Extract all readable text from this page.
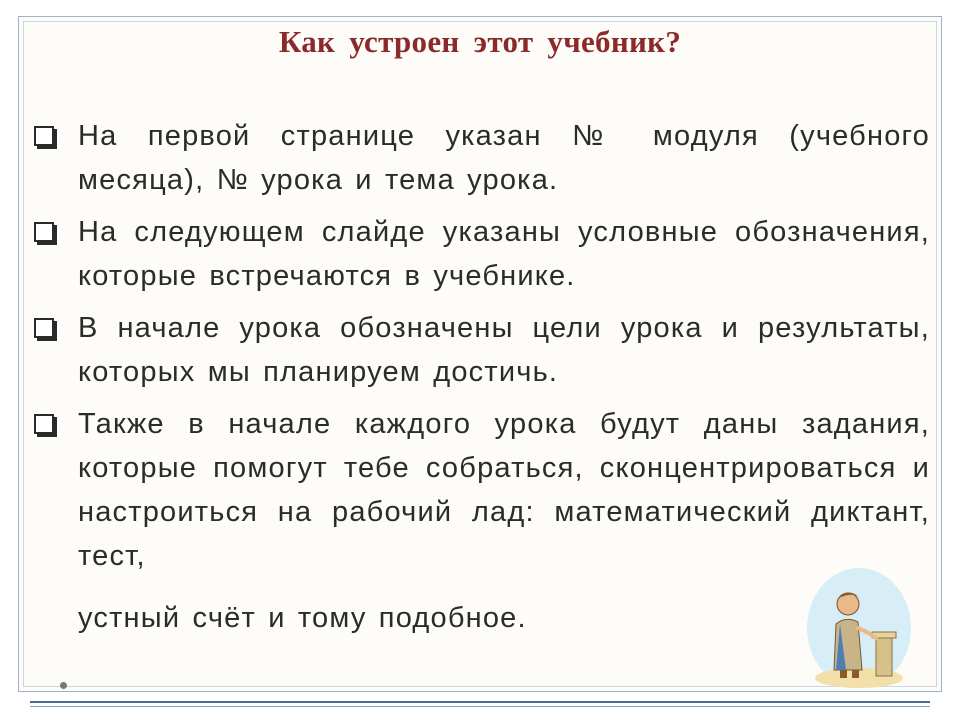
Как устроен этот учебник?
На первой странице указан № модуля (учебного месяца), № урока и тема урока.
На следующем слайде указаны условные обозначения, которые встречаются в учебнике.
В начале урока обозначены цели урока и результаты, которых мы планируем достичь.
Также в начале каждого урока будут даны задания, которые помогут тебе собраться, сконцентрироваться и настроиться на рабочий лад: математический диктант, тест,
устный счёт и тому подобное.
